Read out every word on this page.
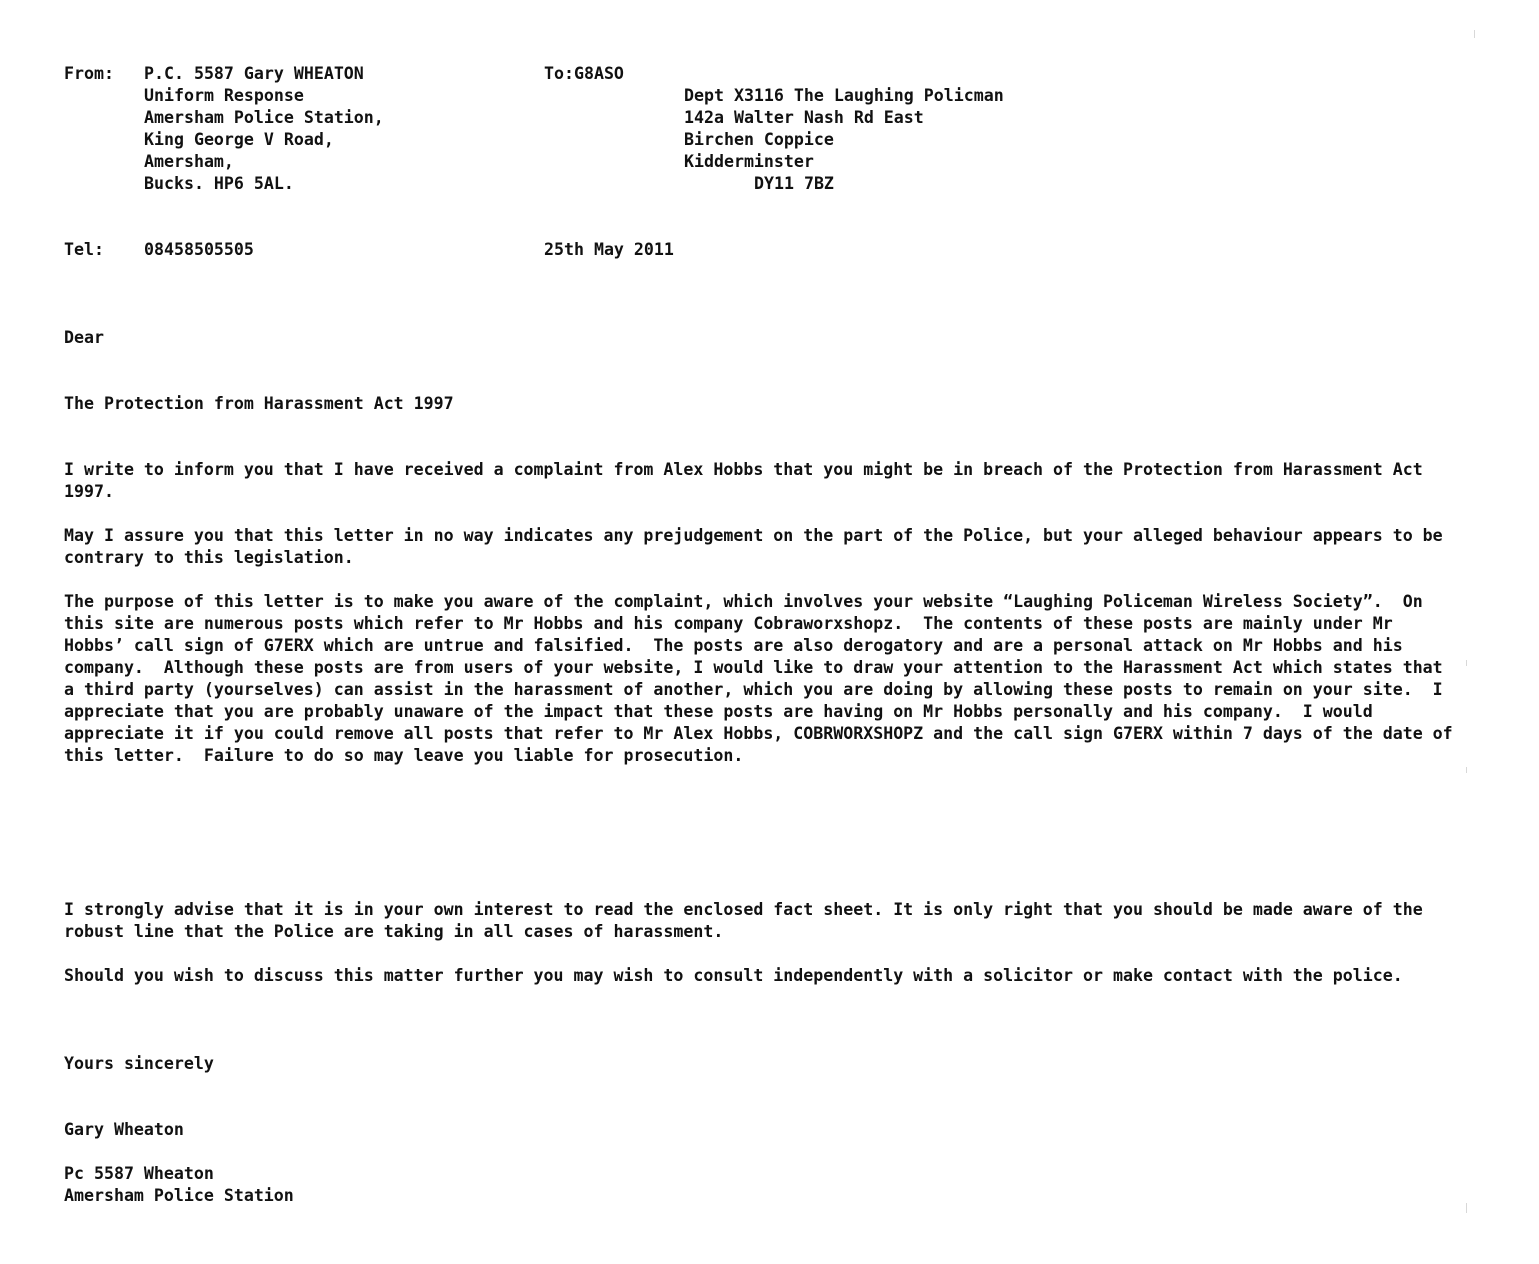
From: P.C. 5587 Gary WHEATON
Uniform Response
Amersham Police Station,
King George V Road,
Amersham,
Bucks. HP6 5AL.
To:G8ASO
Dept X3116 The Laughing Policman
142a Walter Nash Rd East
Birchen Coppice
Kidderminster
DY11 7BZ
Tel: 08458505505	25th May 2011
Dear
The Protection from Harassment Act 1997
I write to inform you that I have received a complaint from Alex Hobbs that you might be in breach of the Protection from Harassment Act
1997.
May I assure you that this letter in no way indicates any prejudgement on the part of the Police, but your alleged behaviour appears to be
contrary to this legislation.
The purpose of this letter is to make you aware of the complaint, which involves your website “Laughing Policeman Wireless Society”.  On
this site are numerous posts which refer to Mr Hobbs and his company Cobraworxshopz.  The contents of these posts are mainly under Mr
Hobbs’ call sign of G7ERX which are untrue and falsified.  The posts are also derogatory and are a personal attack on Mr Hobbs and his
company.  Although these posts are from users of your website, I would like to draw your attention to the Harassment Act which states that
a third party (yourselves) can assist in the harassment of another, which you are doing by allowing these posts to remain on your site.  I
appreciate that you are probably unaware of the impact that these posts are having on Mr Hobbs personally and his company.  I would
appreciate it if you could remove all posts that refer to Mr Alex Hobbs, COBRWORXSHOPZ and the call sign G7ERX within 7 days of the date of
this letter.  Failure to do so may leave you liable for prosecution.
I strongly advise that it is in your own interest to read the enclosed fact sheet. It is only right that you should be made aware of the
robust line that the Police are taking in all cases of harassment.
Should you wish to discuss this matter further you may wish to consult independently with a solicitor or make contact with the police.
Yours sincerely
Gary Wheaton
Pc 5587 Wheaton
Amersham Police Station
